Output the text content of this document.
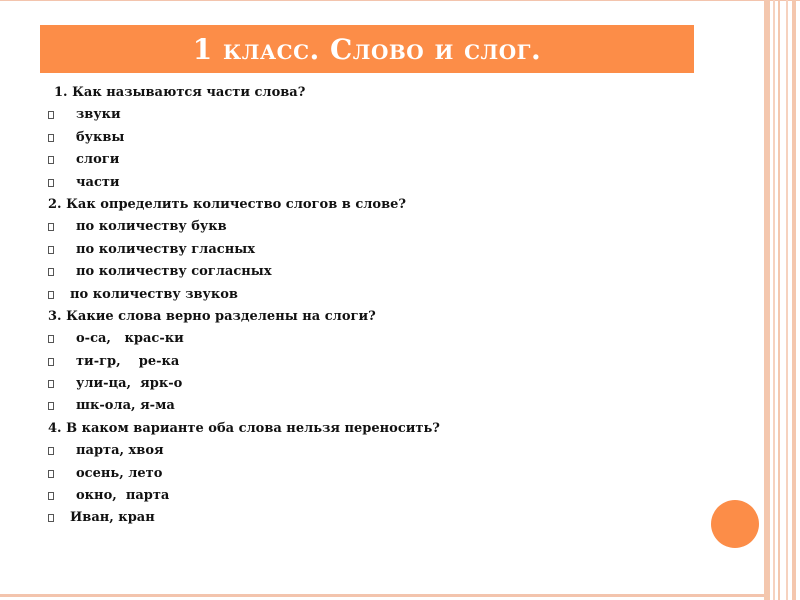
1 класс. Слово и слог.
1. Как называются части слова?
звуки
буквы
слоги
части
2. Как определить количество слогов в слове?
по количеству букв
по количеству гласных
по количеству согласных
по количеству звуков
3. Какие слова верно разделены на слоги?
о-са,   крас-ки
ти-гр,    ре-ка
ули-ца,  ярк-о
шк-ола, я-ма
4. В каком варианте оба слова нельзя переносить?
парта, хвоя
осень, лето
окно,  парта
Иван, кран
